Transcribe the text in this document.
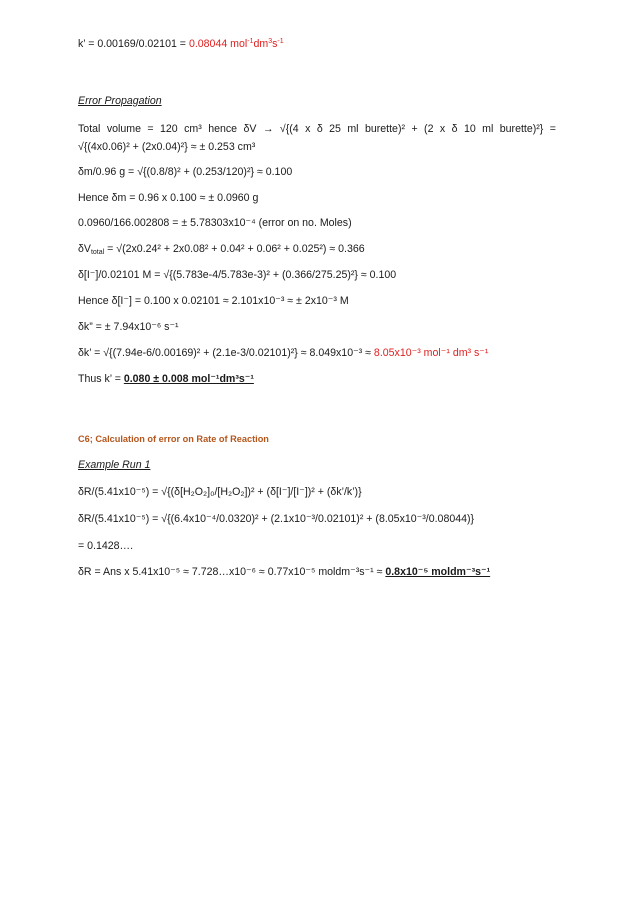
k’ = 0.00169/0.02101 = 0.08044 $mol^{-1}dm^3s^{-1}$
Error Propagation
Total volume = 120 cm³ hence δV → √{(4 x δ 25 ml burette)² + (2 x δ 10 ml burette)²} =
√{(4x0.06)² + (2x0.04)²} ≈ ± 0.253 cm³
δm/0.96 g = √{(0.8/8)² + (0.253/120)²} ≈ 0.100
Hence δm = 0.96 x 0.100 ≈ ± 0.0960 g
0.0960/166.002808 = ± 5.78303x10⁻⁴ (error on no. Moles)
$\delta V_{total} = √(2x0.24^2 + 2x0.08^2 + 0.04^2 + 0.06^2 + 0.025^2) \approx 0.366$
δ[I⁻]/0.02101 M = √{(5.783e-4/5.783e-3)² + (0.366/275.25)²} ≈ 0.100
Hence δ[I⁻] = 0.100 x 0.02101 ≈ 2.101x10⁻³ ≈ ± 2x10⁻³ M
δk” = ± 7.94x10⁻⁶ s⁻¹
δk’ = √{(7.94e-6/0.00169)² + (2.1e-3/0.02101)²} ≈ 8.049x10⁻³ ≈ 8.05x10⁻³ mol⁻¹ dm³ s⁻¹
Thus k’ = 0.080 ± 0.008 mol⁻¹dm³s⁻¹
C6; Calculation of error on Rate of Reaction
Example Run 1
δR/(5.41x10⁻⁵) = √{(δ[H₂O₂]₀/[H₂O₂])² + (δ[I⁻]/[I⁻])² + (δk’/k’)}
δR/(5.41x10⁻⁵) = √{(6.4x10⁻⁴/0.0320)² + (2.1x10⁻³/0.02101)² + (8.05x10⁻³/0.08044)}
= 0.1428….
δR = Ans x 5.41x10⁻⁵ ≈ 7.728…x10⁻⁶ ≈ 0.77x10⁻⁵ moldm⁻³s⁻¹ ≈ 0.8x10⁻⁵ moldm⁻³s⁻¹
